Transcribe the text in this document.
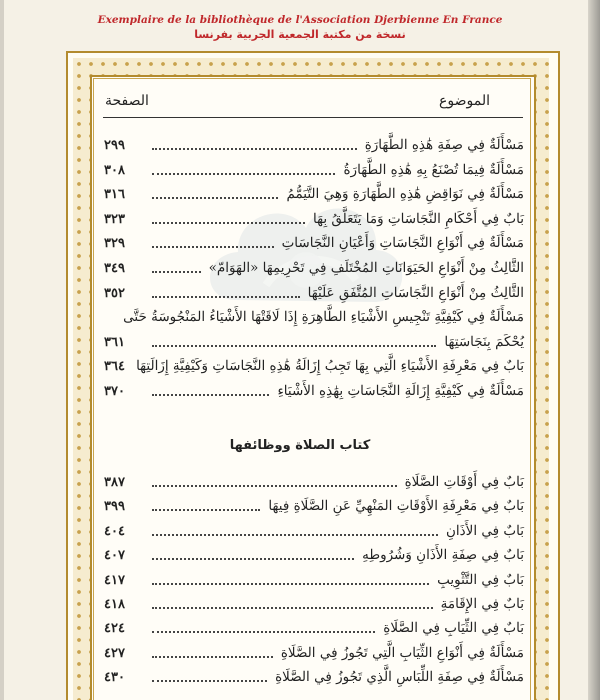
Exemplaire de la bibliothèque de l'Association Djerbienne En France
نسخة من مكتبة الجمعية الجربية بفرنسا
الموضوع
الصفحة
مَسْأَلَةٌ فِي صِفَةِ هَٰذِهِ الطَّهَارَةِ
٢٩٩
مَسْأَلَةٌ فِيمَا تُصْنَعُ بِهِ هَٰذِهِ الطَّهَارَةُ
٣٠٨
مَسْأَلَةٌ فِي نَوَاقِضِ هَٰذِهِ الطَّهَارَةِ وَهِيَ التَّيَمُّمُ
٣١٦
بَابٌ فِي أَحْكَامِ النَّجَاسَاتِ وَمَا يَتَعَلَّقُ بِهَا
٣٢٣
مَسْأَلَةٌ فِي أَنْوَاعِ النَّجَاسَاتِ وَأَعْيَانِ النَّجَاسَاتِ
٣٢٩
الثَّالِثُ مِنْ أَنْوَاعِ الحَيَوَانَاتِ المُخْتَلَفِ فِي تَحْرِيمِهَا «الهَوَامّ»
٣٤٩
الثَّالِثُ مِنْ أَنْوَاعِ النَّجَاسَاتِ المُتَّفَقِ عَلَيْهَا
٣٥٢
مَسْأَلَةٌ فِي كَيْفِيَّةِ تَنْجِيسِ الأَشْيَاءِ الطَّاهِرَةِ إِذَا لَاقَتْهَا الأَشْيَاءُ المَنْجُوسَةُ حَتَّى
يُحْكَمَ بِنَجَاسَتِهَا
٣٦١
بَابٌ فِي مَعْرِفَةِ الأَشْيَاءِ الَّتِي بِهَا تَجِبُ إِزَالَةُ هَٰذِهِ النَّجَاسَاتِ وَكَيْفِيَّةِ إِزَالَتِهَا
٣٦٤
مَسْأَلَةٌ فِي كَيْفِيَّةِ إِزَالَةِ النَّجَاسَاتِ بِهَٰذِهِ الأَشْيَاءِ
٣٧٠
كتاب الصلاة ووظائفها
بَابٌ فِي أَوْقَاتِ الصَّلَاةِ
٣٨٧
بَابٌ فِي مَعْرِفَةِ الأَوْقَاتِ المَنْهِيِّ عَنِ الصَّلَاةِ فِيهَا
٣٩٩
بَابٌ فِي الأَذَانِ
٤٠٤
بَابٌ فِي صِفَةِ الأَذَانِ وَشُرُوطِهِ
٤٠٧
بَابٌ فِي التَّثْوِيبِ
٤١٧
بَابٌ فِي الإِقَامَةِ
٤١٨
بَابٌ فِي الثِّيَابِ فِي الصَّلَاةِ
٤٢٤
مَسْأَلَةٌ فِي أَنْوَاعِ الثِّيَابِ الَّتِي تَجُوزُ فِي الصَّلَاةِ
٤٢٧
مَسْأَلَةٌ فِي صِفَةِ اللِّبَاسِ الَّذِي تَجُوزُ فِي الصَّلَاةِ
٤٣٠
